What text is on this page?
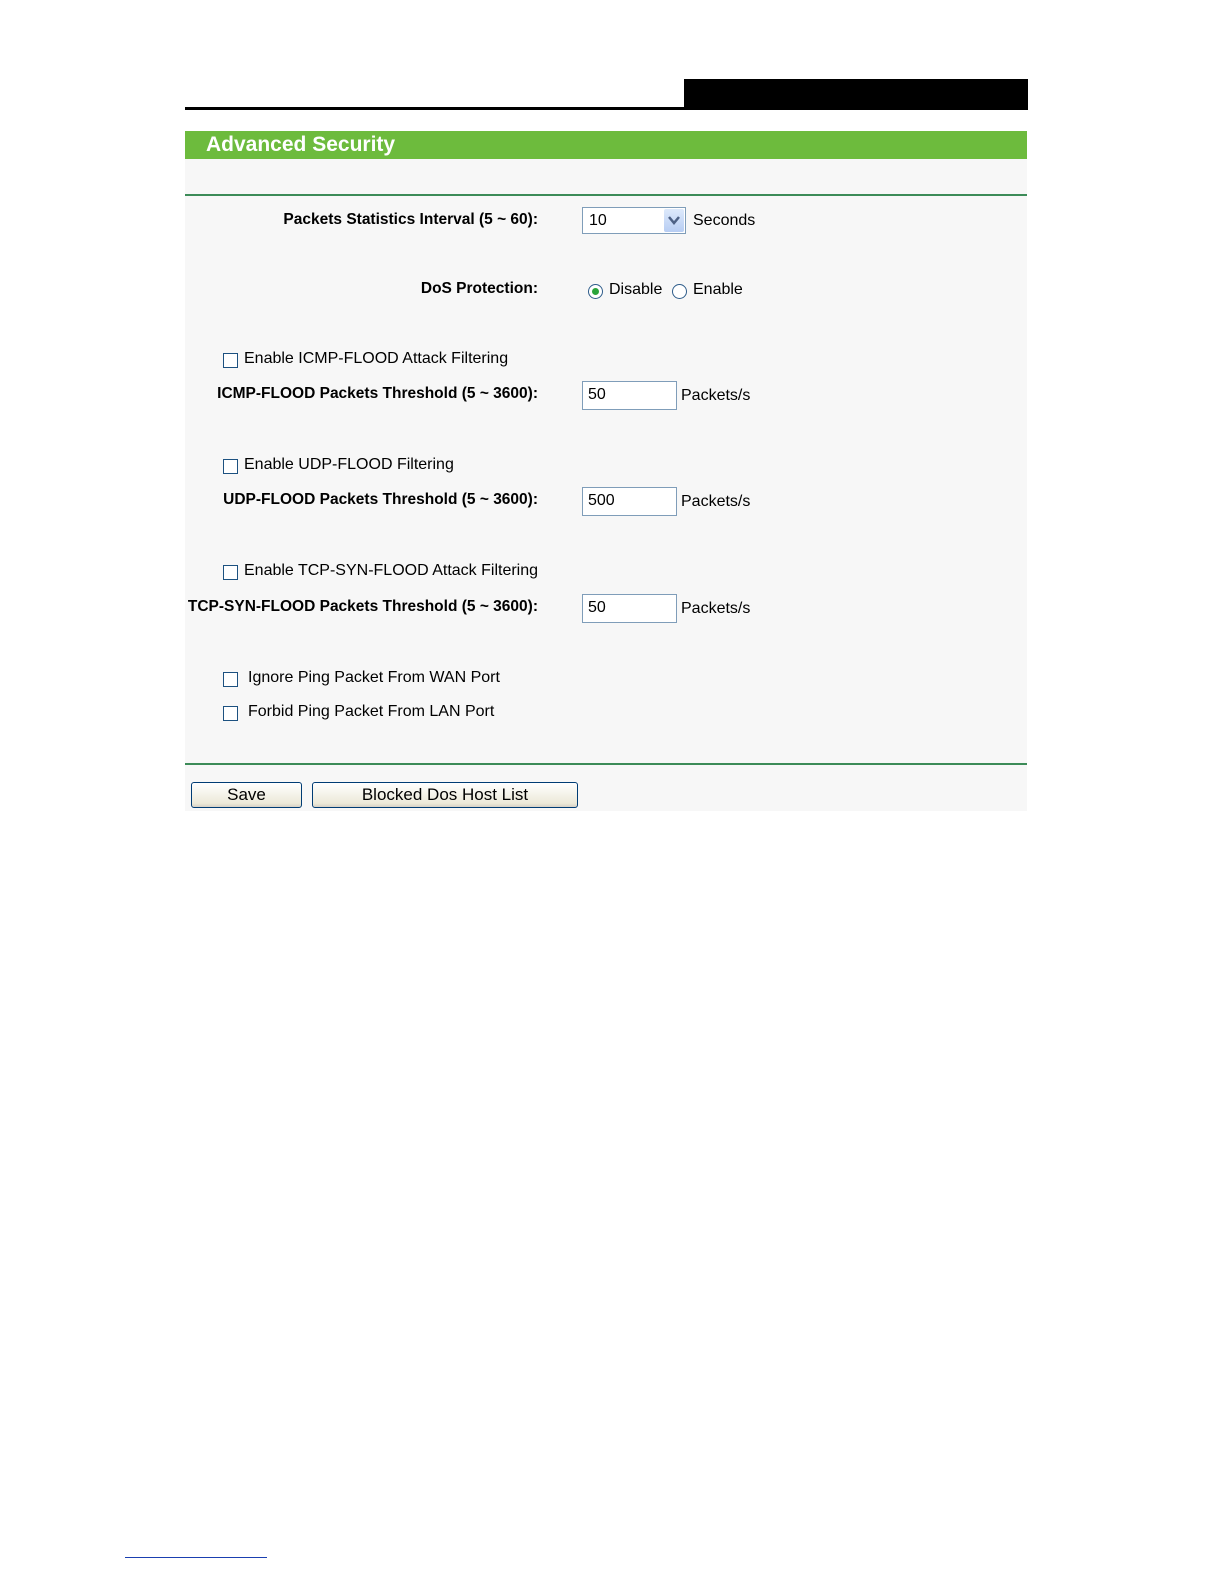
Advanced Security
Packets Statistics Interval (5 ~ 60):	10	Seconds
DoS Protection:	Disable Enable
Enable ICMP-FLOOD Attack Filtering
ICMP-FLOOD Packets Threshold (5 ~ 3600):	50	Packets/s
Enable UDP-FLOOD Filtering
UDP-FLOOD Packets Threshold (5 ~ 3600):	500	Packets/s
Enable TCP-SYN-FLOOD Attack Filtering
TCP-SYN-FLOOD Packets Threshold (5 ~ 3600):	50	Packets/s
Ignore Ping Packet From WAN Port
Forbid Ping Packet From LAN Port
Save	Blocked Dos Host List
